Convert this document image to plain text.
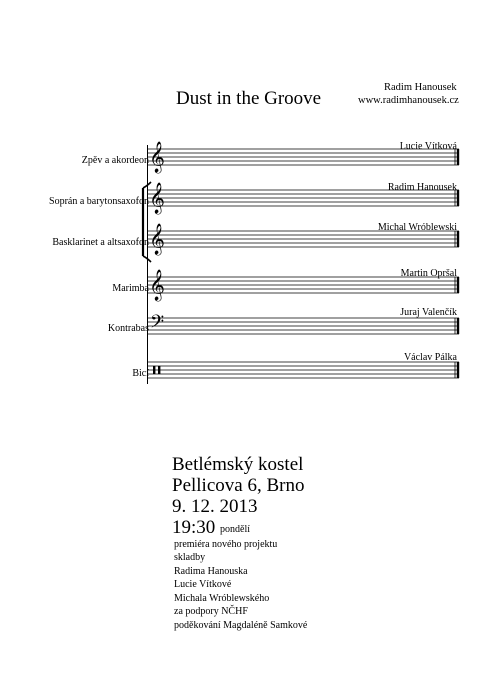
Dust in the Groove
Radim Hanousek
www.radimhanousek.cz
𝄞
𝄞
𝄞
𝄞
𝄢
Zpěv a akordeon
Soprán a barytonsaxofon
Basklarinet a altsaxofon
Marimba
Kontrabas
Bicí
Lucie Vítková
Radim Hanousek
Michal Wróblewski
Martin Opršal
Juraj Valenčík
Václav Pálka
Betlémský kostel
Pellicova 6, Brno
9. 12. 2013
19:30 pondělí
premiéra nového projektu
skladby
Radima Hanouska
Lucie Vítkové
Michala Wróblewského
za podpory NČHF
poděkování Magdaléně Samkové
